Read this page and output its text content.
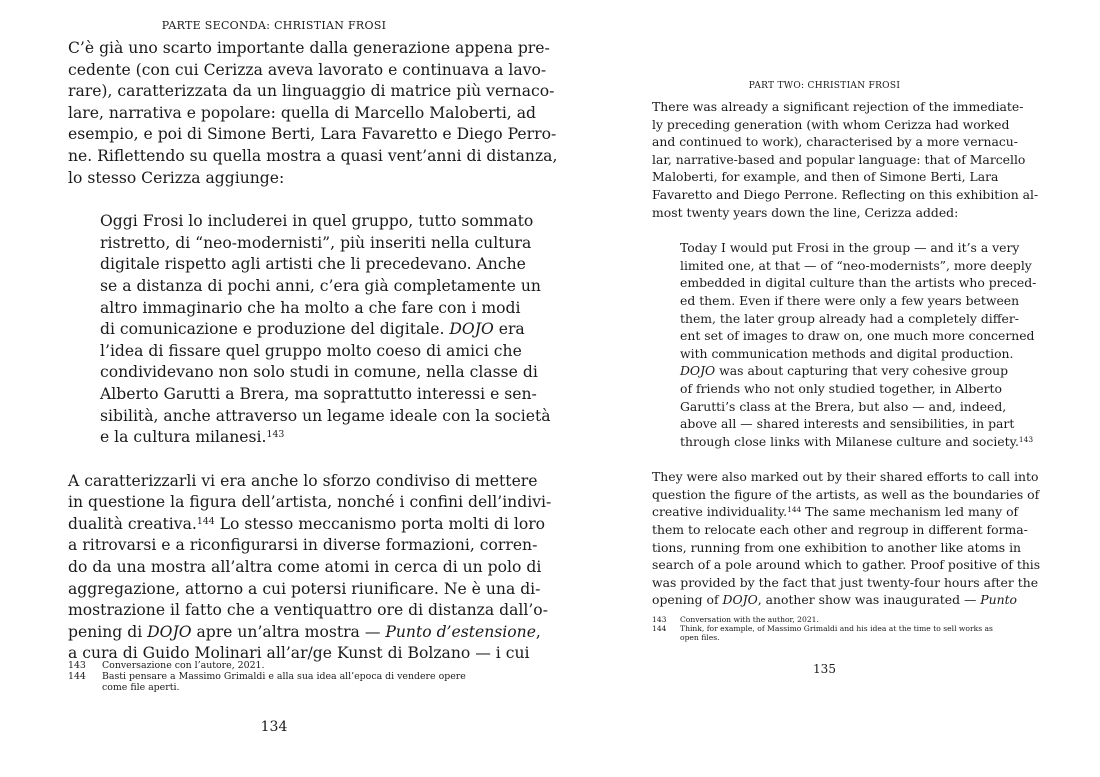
PARTE SECONDA: CHRISTIAN FROSI

C’è già uno scarto importante dalla generazione appena pre-
cedente (con cui Cerizza aveva lavorato e continuava a lavo-
rare), caratterizzata da un linguaggio di matrice più vernaco-
lare, narrativa e popolare: quella di Marcello Maloberti, ad
esempio, e poi di Simone Berti, Lara Favaretto e Diego Perro-
ne. Riflettendo su quella mostra a quasi vent’anni di distanza,
lo stesso Cerizza aggiunge:

Oggi Frosi lo includerei in quel gruppo, tutto sommato
ristretto, di “neo-modernisti”, più inseriti nella cultura
digitale rispetto agli artisti che li precedevano. Anche
se a distanza di pochi anni, c’era già completamente un
altro immaginario che ha molto a che fare con i modi
di comunicazione e produzione del digitale. DOJO era
l’idea di fissare quel gruppo molto coeso di amici che
condividevano non solo studi in comune, nella classe di
Alberto Garutti a Brera, ma soprattutto interessi e sen-
sibilità, anche attraverso un legame ideale con la società
e la cultura milanesi.$^{143}$

A caratterizzarli vi era anche lo sforzo condiviso di mettere
in questione la figura dell’artista, nonché i confini dell’indivi-
dualità creativa.$^{144}$ Lo stesso meccanismo porta molti di loro
a ritrovarsi e a riconfigurarsi in diverse formazioni, corren-
do da una mostra all’altra come atomi in cerca di un polo di
aggregazione, attorno a cui potersi riunificare. Ne è una di-
mostrazione il fatto che a ventiquattro ore di distanza dall’o-
pening di DOJO apre un’altra mostra — Punto d’estensione,
a cura di Guido Molinari all’ar/ge Kunst di Bolzano — i cui

143	Conversazione con l’autore, 2021.
144	Basti pensare a Massimo Grimaldi e alla sua idea all’epoca di vendere opere come file aperti.
134
PART TWO: CHRISTIAN FROSI

There was already a significant rejection of the immediate-
ly preceding generation (with whom Cerizza had worked
and continued to work), characterised by a more vernacu-
lar, narrative-based and popular language: that of Marcello
Maloberti, for example, and then of Simone Berti, Lara
Favaretto and Diego Perrone. Reflecting on this exhibition al-
most twenty years down the line, Cerizza added:

Today I would put Frosi in the group — and it’s a very
limited one, at that — of “neo-modernists”, more deeply
embedded in digital culture than the artists who preced-
ed them. Even if there were only a few years between
them, the later group already had a completely differ-
ent set of images to draw on, one much more concerned
with communication methods and digital production.
DOJO was about capturing that very cohesive group
of friends who not only studied together, in Alberto
Garutti’s class at the Brera, but also — and, indeed,
above all — shared interests and sensibilities, in part
through close links with Milanese culture and society.$^{143}$

They were also marked out by their shared efforts to call into
question the figure of the artists, as well as the boundaries of
creative individuality.$^{144}$ The same mechanism led many of
them to relocate each other and regroup in different forma-
tions, running from one exhibition to another like atoms in
search of a pole around which to gather. Proof positive of this
was provided by the fact that just twenty-four hours after the
opening of DOJO, another show was inaugurated — Punto

143	Conversation with the author, 2021.
144	Think, for example, of Massimo Grimaldi and his idea at the time to sell works as open files.
135
